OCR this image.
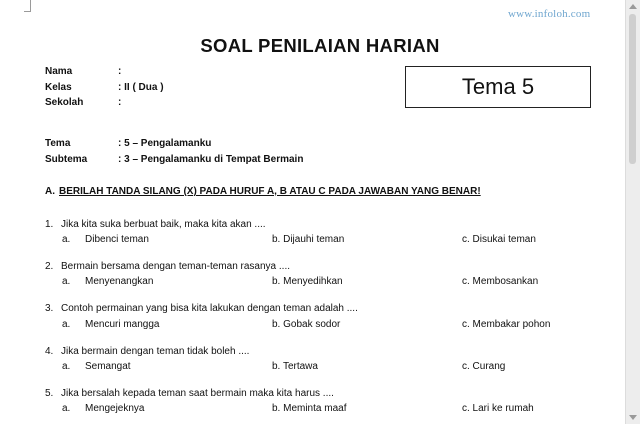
www.infoloh.com
SOAL PENILAIAN HARIAN
Tema 5
Nama	:
Kelas	: II ( Dua )
Sekolah	:
Tema	: 5 – Pengalamanku
Subtema	: 3 – Pengalamanku di Tempat Bermain
A. BERILAH TANDA SILANG (X) PADA HURUF A, B ATAU C PADA JAWABAN YANG BENAR!
1. Jika kita suka berbuat baik, maka kita akan ....
a. Dibenci teman	b. Dijauhi teman	c. Disukai teman
2. Bermain bersama dengan teman-teman rasanya ....
a. Menyenangkan	b. Menyedihkan	c. Membosankan
3. Contoh permainan yang bisa kita lakukan dengan teman adalah ....
a. Mencuri mangga	b. Gobak sodor	c. Membakar pohon
4. Jika bermain dengan teman tidak boleh ....
a. Semangat	b. Tertawa	c. Curang
5. Jika bersalah kepada teman saat bermain maka kita harus ....
a. Mengejeknya	b. Meminta maaf	c. Lari ke rumah
